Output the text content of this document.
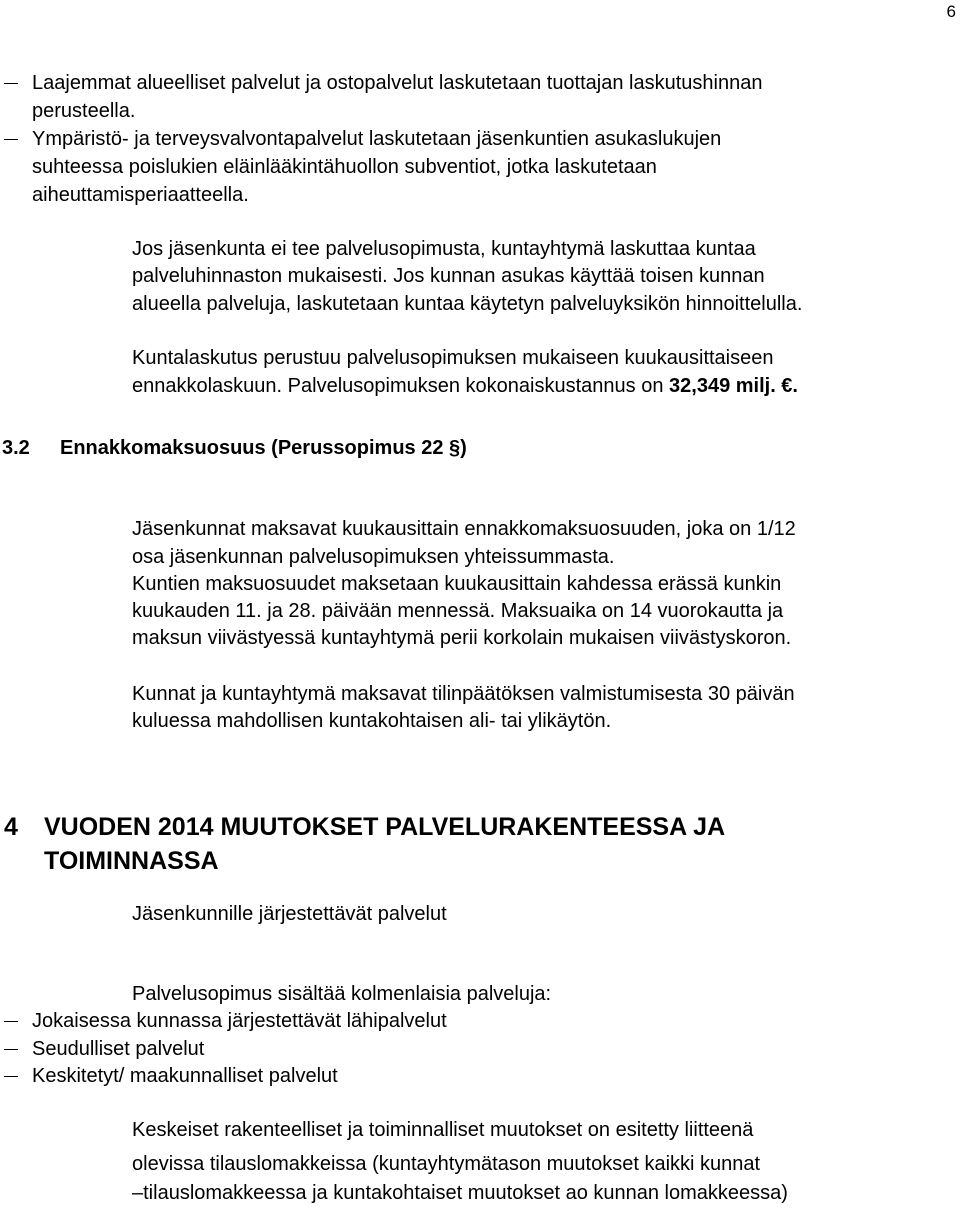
6
Laajemmat alueelliset palvelut ja ostopalvelut laskutetaan tuottajan laskutushinnan
perusteella.
Ympäristö- ja terveysvalvontapalvelut laskutetaan jäsenkuntien asukaslukujen
suhteessa poislukien eläinlääkintähuollon subventiot, jotka laskutetaan
aiheuttamisperiaatteella.
Jos jäsenkunta ei tee palvelusopimusta, kuntayhtymä laskuttaa kuntaa
palveluhinnaston mukaisesti. Jos kunnan asukas käyttää toisen kunnan
alueella palveluja, laskutetaan kuntaa käytetyn palveluyksikön hinnoittelulla.
Kuntalaskutus perustuu palvelusopimuksen mukaiseen kuukausittaiseen
ennakkolaskuun. Palvelusopimuksen kokonaiskustannus on 32,349 milj. €.
3.2 Ennakkomaksuosuus (Perussopimus 22 §)
Jäsenkunnat maksavat kuukausittain ennakkomaksuosuuden, joka on 1/12
osa jäsenkunnan palvelusopimuksen yhteissummasta.
Kuntien maksuosuudet maksetaan kuukausittain kahdessa erässä kunkin
kuukauden 11. ja 28. päivään mennessä. Maksuaika on 14 vuorokautta ja
maksun viivästyessä kuntayhtymä perii korkolain mukaisen viivästyskoron.
Kunnat ja kuntayhtymä maksavat tilinpäätöksen valmistumisesta 30 päivän
kuluessa mahdollisen kuntakohtaisen ali- tai ylikäytön.
4 VUODEN 2014 MUUTOKSET PALVELURAKENTEESSA JA
TOIMINNASSA
Jäsenkunnille järjestettävät palvelut
Palvelusopimus sisältää kolmenlaisia palveluja:
Jokaisessa kunnassa järjestettävät lähipalvelut
Seudulliset palvelut
Keskitetyt/ maakunnalliset palvelut
Keskeiset rakenteelliset ja toiminnalliset muutokset on esitetty liitteenä
olevissa tilauslomakkeissa (kuntayhtymätason muutokset kaikki kunnat
–tilauslomakkeessa ja kuntakohtaiset muutokset ao kunnan lomakkeessa)
